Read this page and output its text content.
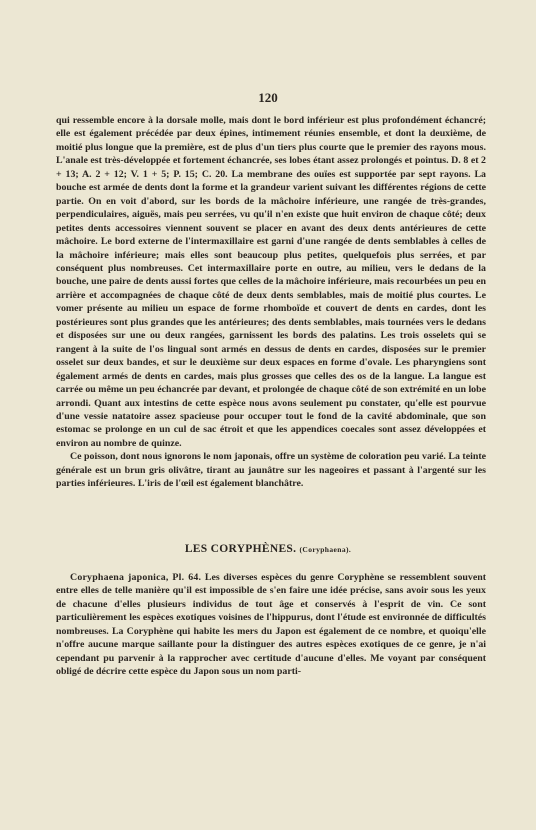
120

qui ressemble encore à la dorsale molle, mais dont le bord inférieur est plus profondément échancré; elle est également précédée par deux épines, intimement réunies ensemble, et dont la deuxième, de moitié plus longue que la première, est de plus d'un tiers plus courte que le premier des rayons mous. L'anale est très-développée et fortement échancrée, ses lobes étant assez prolongés et pointus. D. 8 et 2 + 13; A. 2 + 12; V. 1 + 5; P. 15; C. 20. La membrane des ouïes est supportée par sept rayons. La bouche est armée de dents dont la forme et la grandeur varient suivant les différentes régions de cette partie. On en voit d'abord, sur les bords de la mâchoire inférieure, une rangée de très-grandes, perpendiculaires, aiguës, mais peu serrées, vu qu'il n'en existe que huit environ de chaque côté; deux petites dents accessoires viennent souvent se placer en avant des deux dents antérieures de cette mâchoire. Le bord externe de l'intermaxillaire est garni d'une rangée de dents semblables à celles de la mâchoire inférieure; mais elles sont beaucoup plus petites, quelquefois plus serrées, et par conséquent plus nombreuses. Cet intermaxillaire porte en outre, au milieu, vers le dedans de la bouche, une paire de dents aussi fortes que celles de la mâchoire inférieure, mais recourbées un peu en arrière et accompagnées de chaque côté de deux dents semblables, mais de moitié plus courtes. Le vomer présente au milieu un espace de forme rhomboïde et couvert de dents en cardes, dont les postérieures sont plus grandes que les antérieures; des dents semblables, mais tournées vers le dedans et disposées sur une ou deux rangées, garnissent les bords des palatins. Les trois osselets qui se rangent à la suite de l'os lingual sont armés en dessus de dents en cardes, disposées sur le premier osselet sur deux bandes, et sur le deuxième sur deux espaces en forme d'ovale. Les pharyngiens sont également armés de dents en cardes, mais plus grosses que celles des os de la langue. La langue est carrée ou même un peu échancrée par devant, et prolongée de chaque côté de son extrémité en un lobe arrondi. Quant aux intestins de cette espèce nous avons seulement pu constater, qu'elle est pourvue d'une vessie natatoire assez spacieuse pour occuper tout le fond de la cavité abdominale, que son estomac se prolonge en un cul de sac étroit et que les appendices coecales sont assez développées et environ au nombre de quinze.

Ce poisson, dont nous ignorons le nom japonais, offre un système de coloration peu varié. La teinte générale est un brun gris olivâtre, tirant au jaunâtre sur les nageoires et passant à l'argenté sur les parties inférieures. L'iris de l'œil est également blanchâtre.

LES CORYPHÈNES. (Coryphaena).
Coryphaena japonica, Pl. 64. Les diverses espèces du genre Coryphène se ressemblent souvent entre elles de telle manière qu'il est impossible de s'en faire une idée précise, sans avoir sous les yeux de chacune d'elles plusieurs individus de tout âge et conservés à l'esprit de vin. Ce sont particulièrement les espèces exotiques voisines de l'hippurus, dont l'étude est environnée de difficultés nombreuses. La Coryphène qui habite les mers du Japon est également de ce nombre, et quoiqu'elle n'offre aucune marque saillante pour la distinguer des autres espèces exotiques de ce genre, je n'ai cependant pu parvenir à la rapprocher avec certitude d'aucune d'elles. Me voyant par conséquent obligé de décrire cette espèce du Japon sous un nom parti-
